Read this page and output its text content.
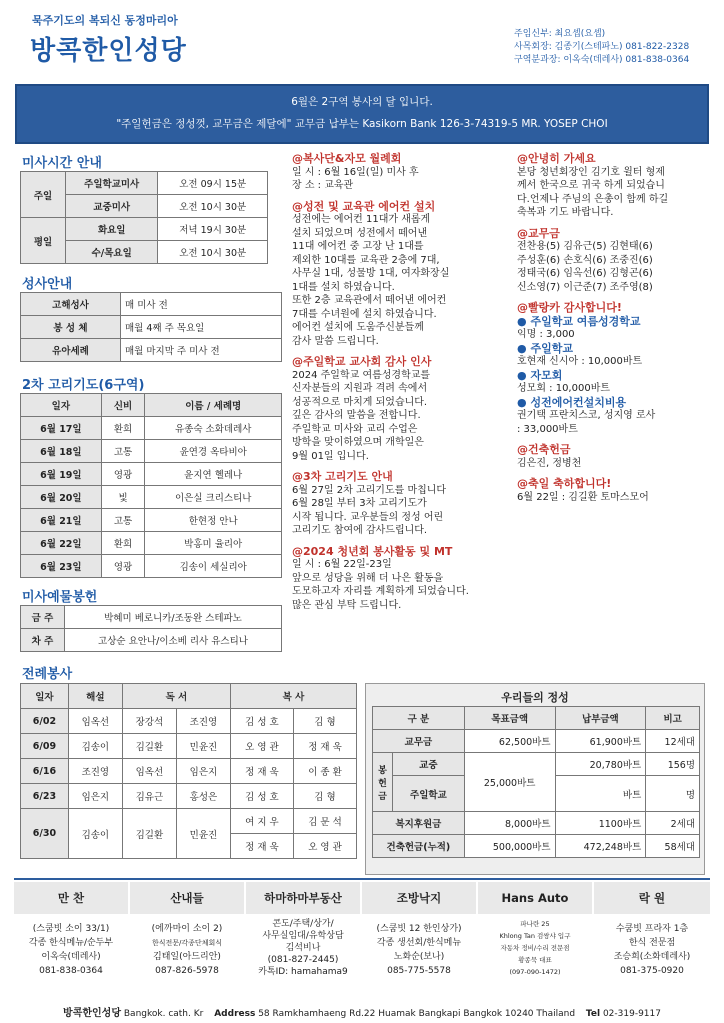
묵주기도의 복되신 동정마리아
방콕한인성당
주임신부: 최요셉(요셉)
사목회장: 김종기(스테파노) 081-822-2328
구역분과장: 이옥숙(데레사) 081-838-0364
6월은 2구역 봉사의 달 입니다.
"주일헌금은 정성껏, 교무금은 제달에" 교무금 납부는 Kasikorn Bank 126-3-74319-5 MR. YOSEP CHOI
미사시간 안내
주일	주일학교미사	오전 09시 15분
	교중미사	오전 10시 30분
평일	화요일	저녁 19시 30분
	수/목요일	오전 10시 30분
성사안내
고해성사	매 미사 전
봉 성 체	매월 4째 주 목요일
유아세례	매월 마지막 주 미사 전
2차 고리기도(6구역)
일자	신비	이름 / 세례명
6월 17일	환희	유종숙 소화데레사
6월 18일	고통	윤연경 옥타비아
6월 19일	영광	윤지연 헬레나
6월 20일	빛	이은실 크리스티나
6월 21일	고통	한현정 안나
6월 22일	환희	박홍미 율리아
6월 23일	영광	김송이 세실리아
미사예물봉헌
금 주	박혜미 베로니카/조동완 스테파노
차 주	고상순 요안나/이소베 리사 유스티나
전례봉사
일자	해설	독 서		복 사	
6/02	임옥선	장강석	조진영	김 성 호	김 형
6/09	김송이	김길환	민윤진	오 영 관	정 재 욱
6/16	조진영	임옥선	임은지	정 재 욱	이 종 환
6/23	임은지	김유근	홍성은	김 성 호	김 형
6/30	김송이	김길환	민윤진	여 지 우	김 문 석
				정 재 욱	오 영 관
@복사단&자모 월례회
일 시 : 6월 16일(일) 미사 후
장 소 : 교육관
@성전 및 교육관 에어컨 설치
성전에는 에어컨 11대가 새롭게
설치 되었으며 성전에서 떼어낸
11대 에어컨 중 고장 난 1대를
제외한 10대를 교육관 2층에 7대,
사무실 1대, 성물방 1대, 여자화장실
1대를 설치 하였습니다.
또한 2층 교육관에서 떼어낸 에어컨
7대를 수녀원에 설치 하였습니다.
에어컨 설치에 도움주신분들께
감사 말씀 드립니다.
@주일학교 교사회 감사 인사
2024 주일학교 여름성경학교를
신자분들의 지원과 격려 속에서
성공적으로 마치게 되었습니다.
깊은 감사의 말씀을 전합니다.
주일학교 미사와 교리 수업은
방학을 맞이하였으며 개학일은
9월 01일 입니다.
@3차 고리기도 안내
6월 27일 2차 고리기도를 마칩니다
6월 28일 부터 3차 고리기도가
시작 됩니다. 교우분들의 정성 어린
고리기도 참여에 감사드립니다.
@2024 청년회 봉사활동 및 MT
일 시 : 6월 22일-23일
앞으로 성당을 위해 더 나은 활동을
도모하고자 자리를 계획하게 되었습니다.
많은 관심 부탁 드립니다.
@안녕히 가세요
본당 청년회장인 김기호 윌터 형제
께서 한국으로 귀국 하게 되었습니
다.언제나 주님의 은총이 함께 하길
축복과 기도 바랍니다.
@교무금
전찬용(5) 김유근(5) 김현태(6)
주성훈(6) 손호식(6) 조중진(6)
정태국(6) 임옥선(6) 김형곤(6)
신소영(7) 이근준(7) 조주영(8)
@빨랑카 감사합니다!
● 주일학교 여름성경학교
익명 : 3,000
● 주일학교
호현재 신시아 : 10,000바트
● 자모회
성모회 : 10,000바트
● 성전에어컨설치비용
권기택 프란치스코, 성지영 로사
: 33,000바트
@건축헌금
김은진, 정병천
@축일 축하합니다!
6월 22일 : 김길환 토마스모어
우리들의 정성
구 분		목표금액	납부금액	비고
교무금		62,500바트	61,900바트	12세대
봉헌금	교중	25,000바트	20,780바트	156명
	주일학교		바트	명
복지후원금		8,000바트	1100바트	2세대
건축헌금(누적)		500,000바트	472,248바트	58세대
만 찬	산내들	하마하마부동산	조방낙지	Hans Auto	락 원
(스쿰빗 소이 33/1)
각종 한식메뉴/순두부
이옥숙(데레사)
081-838-0364
(에까마이 소이 2)
한식전문/각종단체회식
김태일(아드리안)
087-826-5978
콘도/주택/상가/
사무실임대/유학상담
김석비나
(081-827-2445)
카톡ID: hamahama9
(스쿰빗 12 한인상가)
각종 생선회/한식메뉴
노화순(보나)
085-775-5578
파나란 25
Khlong Tan 검쌍샤 입구
자동차 정비/수리 전문점
황종묵 대표
(097-090-1472)
수쿰빗 프라자 1층
한식 전문점
조승희(소화데레사)
081-375-0920
방콕한인성당 Bangkok. cath. Kr Address 58 Ramkhamhaeng Rd.22 Huamak Bangkapi Bangkok 10240 Thailand Tel 02-319-9117
